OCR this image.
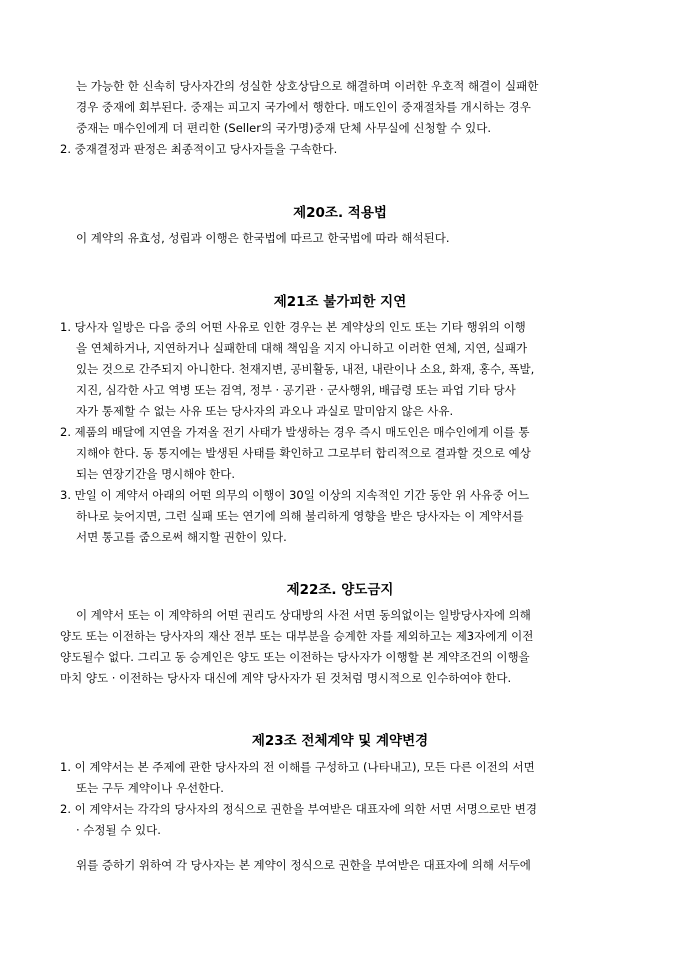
는 가능한 한 신속히 당사자간의 성실한 상호상담으로 해결하며 이러한 우호적 해결이 실패한
경우 중재에 회부된다. 중재는 피고지 국가에서 행한다. 매도인이 중재절차를 개시하는 경우
중재는 매수인에게 더 편리한 (Seller의 국가명)중재 단체 사무실에 신청할 수 있다.
2. 중재결정과 판정은 최종적이고 당사자들을 구속한다.
제20조. 적용법
이 계약의 유효성, 성립과 이행은 한국법에 따르고 한국법에 따라 해석된다.
제21조 불가피한 지연
1. 당사자 일방은 다음 중의 어떤 사유로 인한 경우는 본 계약상의 인도 또는 기타 행위의 이행
을 연체하거나, 지연하거나 실패한데 대해 책임을 지지 아니하고 이러한 연체, 지연, 실패가
있는 것으로 간주되지 아니한다. 천재지변, 공비활동, 내전, 내란이나 소요, 화재, 홍수, 폭발,
지진, 심각한 사고 역병 또는 검역, 정부 · 공기관 · 군사행위, 배급령 또는 파업 기타 당사
자가 통제할 수 없는 사유 또는 당사자의 과오나 과실로 말미암지 않은 사유.
2. 제품의 배달에 지연을 가져올 전기 사태가 발생하는 경우 즉시 매도인은 매수인에게 이를 통
지해야 한다. 동 통지에는 발생된 사태를 확인하고 그로부터 합리적으로 결과할 것으로 예상
되는 연장기간을 명시해야 한다.
3. 만일 이 계약서 아래의 어떤 의무의 이행이 30일 이상의 지속적인 기간 동안 위 사유중 어느
하나로 늦어지면, 그런 실패 또는 연기에 의해 불리하게 영향을 받은 당사자는 이 계약서를
서면 통고를 줌으로써 해지할 권한이 있다.
제22조. 양도금지
이 계약서 또는 이 계약하의 어떤 권리도 상대방의 사전 서면 동의없이는 일방당사자에 의해
양도 또는 이전하는 당사자의 재산 전부 또는 대부분을 승계한 자를 제외하고는 제3자에게 이전
양도될수 없다. 그리고 동 승계인은 양도 또는 이전하는 당사자가 이행할 본 계약조건의 이행을
마치 양도 · 이전하는 당사자 대신에 계약 당사자가 된 것처럼 명시적으로 인수하여야 한다.
제23조 전체계약 및 계약변경
1. 이 계약서는 본 주제에 관한 당사자의 전 이해를 구성하고 (나타내고), 모든 다른 이전의 서면
또는 구두 계약이나 우선한다.
2. 이 계약서는 각각의 당사자의 정식으로 권한을 부여받은 대표자에 의한 서면 서명으로만 변경
· 수정될 수 있다.
위를 증하기 위하여 각 당사자는 본 계약이 정식으로 권한을 부여받은 대표자에 의해 서두에
